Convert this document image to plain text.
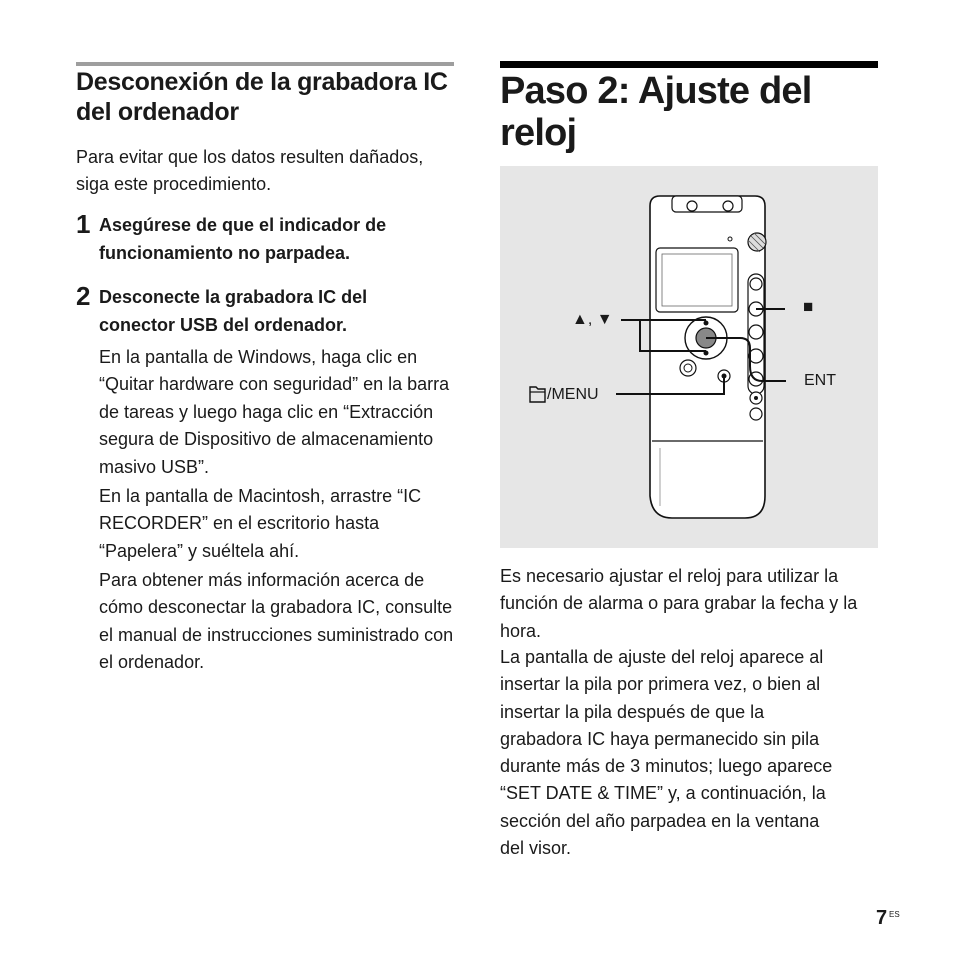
Desconexión de la grabadora IC del ordenador

Para evitar que los datos resulten dañados, siga este procedimiento.

1 Asegúrese de que el indicador de funcionamiento no parpadea.

2 Desconecte la grabadora IC del conector USB del ordenador.

En la pantalla de Windows, haga clic en “Quitar hardware con seguridad” en la barra de tareas y luego haga clic en “Extracción segura de Dispositivo de almacenamiento masivo USB”.

En la pantalla de Macintosh, arrastre “IC RECORDER” en el escritorio hasta “Papelera” y suéltela ahí.

Para obtener más información acerca de cómo desconectar la grabadora IC, consulte el manual de instrucciones suministrado con el ordenador.

Paso 2: Ajuste del reloj
▲, ▼
■
ENT
/MENU

Es necesario ajustar el reloj para utilizar la función de alarma o para grabar la fecha y la hora.

La pantalla de ajuste del reloj aparece al insertar la pila por primera vez, o bien al insertar la pila después de que la grabadora IC haya permanecido sin pila durante más de 3 minutos; luego aparece “SET DATE & TIME” y, a continuación, la sección del año parpadea en la ventana del visor.

7 ES
